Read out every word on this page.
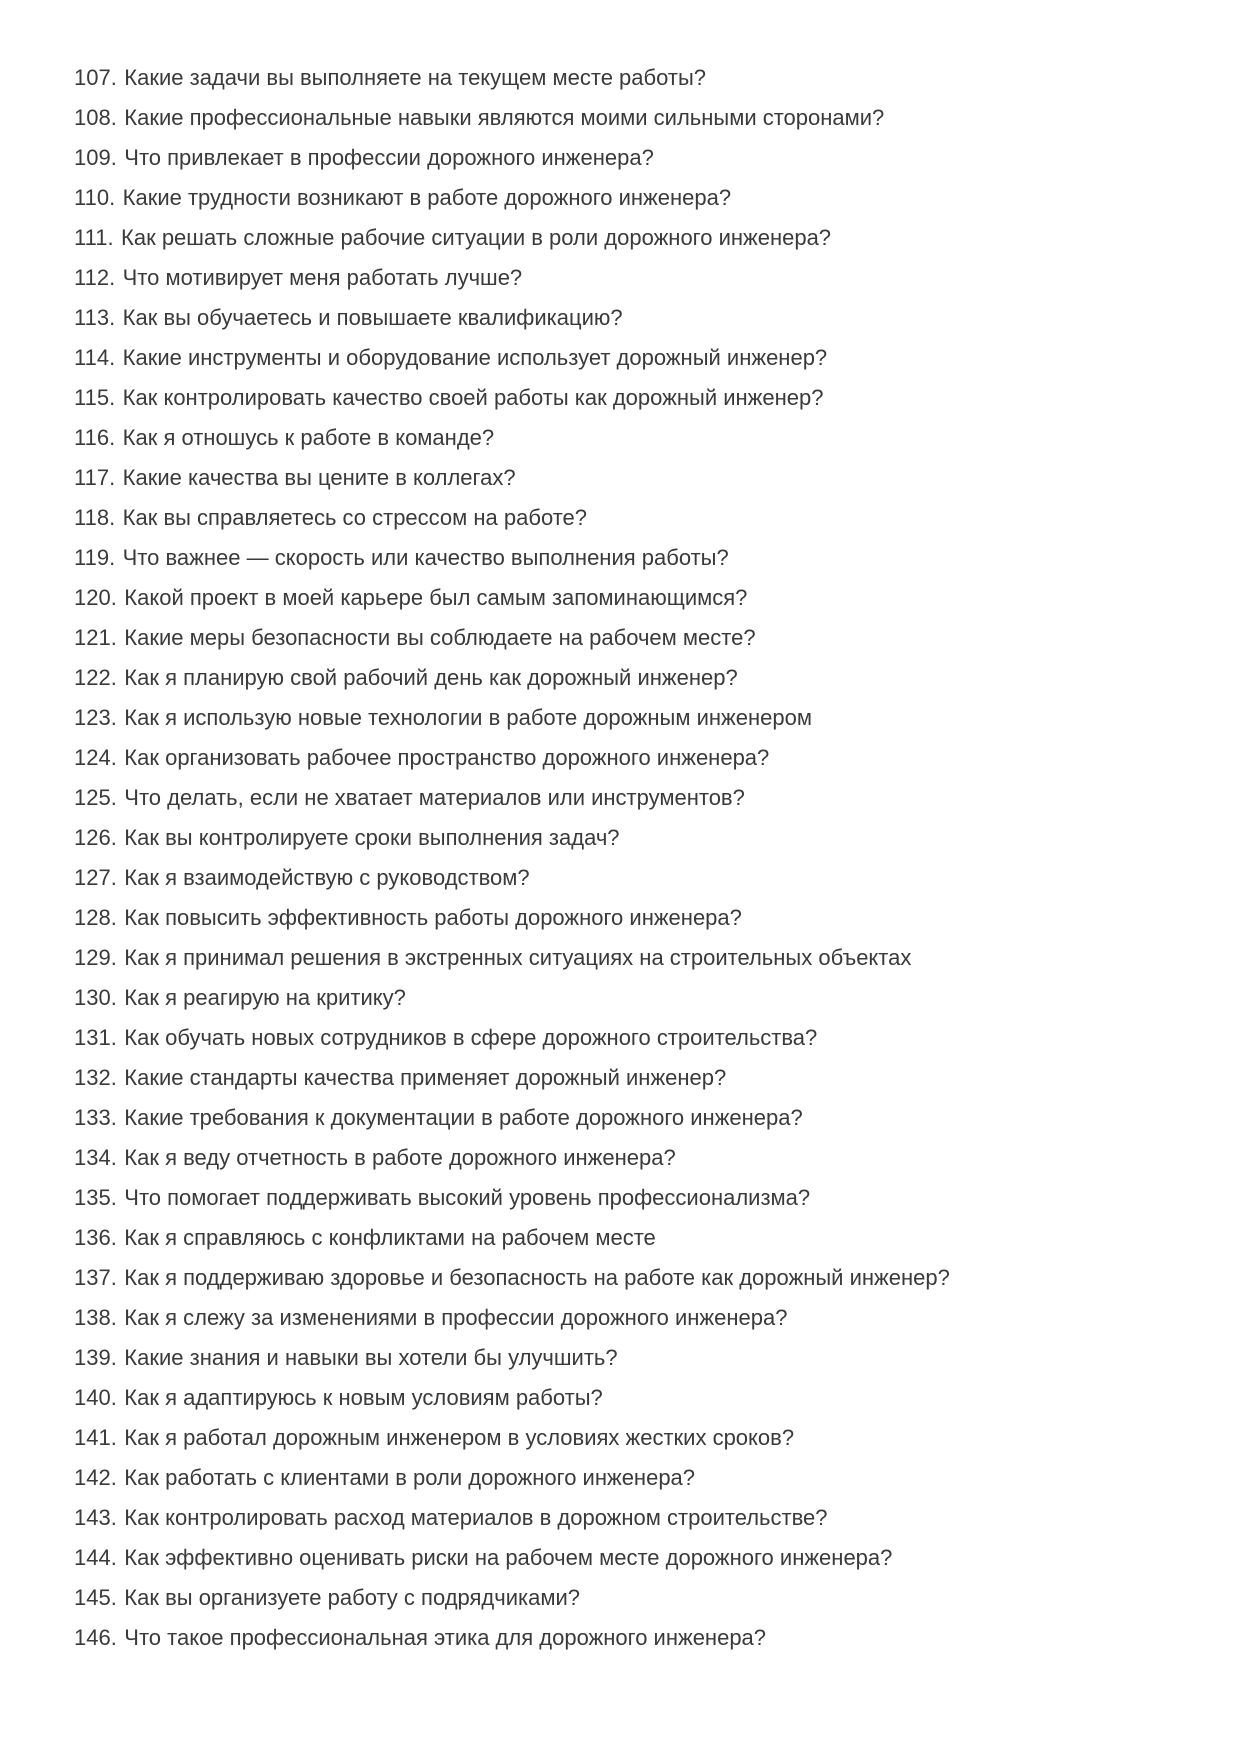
107. Какие задачи вы выполняете на текущем месте работы?
108. Какие профессиональные навыки являются моими сильными сторонами?
109. Что привлекает в профессии дорожного инженера?
110. Какие трудности возникают в работе дорожного инженера?
111. Как решать сложные рабочие ситуации в роли дорожного инженера?
112. Что мотивирует меня работать лучше?
113. Как вы обучаетесь и повышаете квалификацию?
114. Какие инструменты и оборудование использует дорожный инженер?
115. Как контролировать качество своей работы как дорожный инженер?
116. Как я отношусь к работе в команде?
117. Какие качества вы цените в коллегах?
118. Как вы справляетесь со стрессом на работе?
119. Что важнее — скорость или качество выполнения работы?
120. Какой проект в моей карьере был самым запоминающимся?
121. Какие меры безопасности вы соблюдаете на рабочем месте?
122. Как я планирую свой рабочий день как дорожный инженер?
123. Как я использую новые технологии в работе дорожным инженером
124. Как организовать рабочее пространство дорожного инженера?
125. Что делать, если не хватает материалов или инструментов?
126. Как вы контролируете сроки выполнения задач?
127. Как я взаимодействую с руководством?
128. Как повысить эффективность работы дорожного инженера?
129. Как я принимал решения в экстренных ситуациях на строительных объектах
130. Как я реагирую на критику?
131. Как обучать новых сотрудников в сфере дорожного строительства?
132. Какие стандарты качества применяет дорожный инженер?
133. Какие требования к документации в работе дорожного инженера?
134. Как я веду отчетность в работе дорожного инженера?
135. Что помогает поддерживать высокий уровень профессионализма?
136. Как я справляюсь с конфликтами на рабочем месте
137. Как я поддерживаю здоровье и безопасность на работе как дорожный инженер?
138. Как я слежу за изменениями в профессии дорожного инженера?
139. Какие знания и навыки вы хотели бы улучшить?
140. Как я адаптируюсь к новым условиям работы?
141. Как я работал дорожным инженером в условиях жестких сроков?
142. Как работать с клиентами в роли дорожного инженера?
143. Как контролировать расход материалов в дорожном строительстве?
144. Как эффективно оценивать риски на рабочем месте дорожного инженера?
145. Как вы организуете работу с подрядчиками?
146. Что такое профессиональная этика для дорожного инженера?
